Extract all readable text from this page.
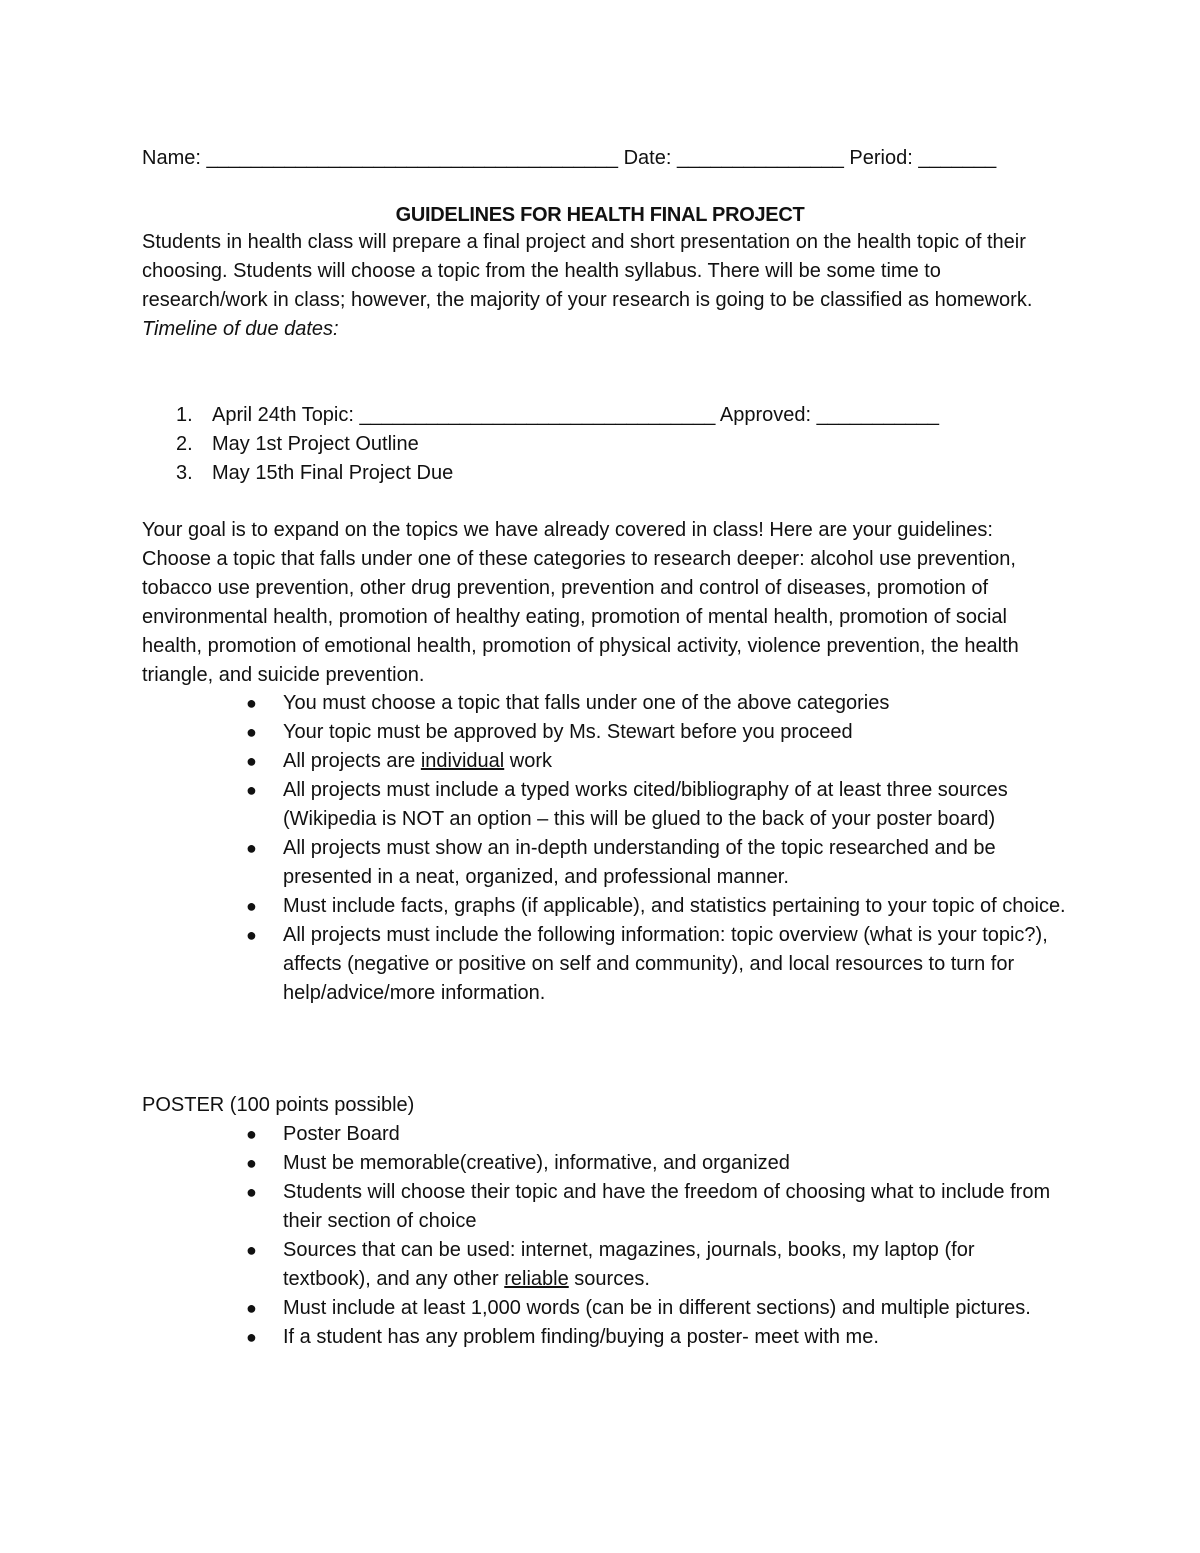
Name: _____________________________________ Date: _______________ Period: _______
GUIDELINES FOR HEALTH FINAL PROJECT

Students in health class will prepare a final project and short presentation on the health topic of their choosing. Students will choose a topic from the health syllabus. There will be some time to research/work in class; however, the majority of your research is going to be classified as homework.

Timeline of due dates:

1. April 24th Topic: ________________________________ Approved: ___________
2. May 1st Project Outline
3. May 15th Final Project Due

Your goal is to expand on the topics we have already covered in class! Here are your guidelines: Choose a topic that falls under one of these categories to research deeper: alcohol use prevention, tobacco use prevention, other drug prevention, prevention and control of diseases, promotion of environmental health, promotion of healthy eating, promotion of mental health, promotion of social health, promotion of emotional health, promotion of physical activity, violence prevention, the health triangle, and suicide prevention.

● You must choose a topic that falls under one of the above categories
● Your topic must be approved by Ms. Stewart before you proceed
● All projects are individual work
● All projects must include a typed works cited/bibliography of at least three sources (Wikipedia is NOT an option – this will be glued to the back of your poster board)
● All projects must show an in-depth understanding of the topic researched and be presented in a neat, organized, and professional manner.
● Must include facts, graphs (if applicable), and statistics pertaining to your topic of choice.
● All projects must include the following information: topic overview (what is your topic?), affects (negative or positive on self and community), and local resources to turn for help/advice/more information.

POSTER (100 points possible)

● Poster Board
● Must be memorable(creative), informative, and organized
● Students will choose their topic and have the freedom of choosing what to include from their section of choice
● Sources that can be used: internet, magazines, journals, books, my laptop (for textbook), and any other reliable sources.
● Must include at least 1,000 words (can be in different sections) and multiple pictures.
● If a student has any problem finding/buying a poster- meet with me.
